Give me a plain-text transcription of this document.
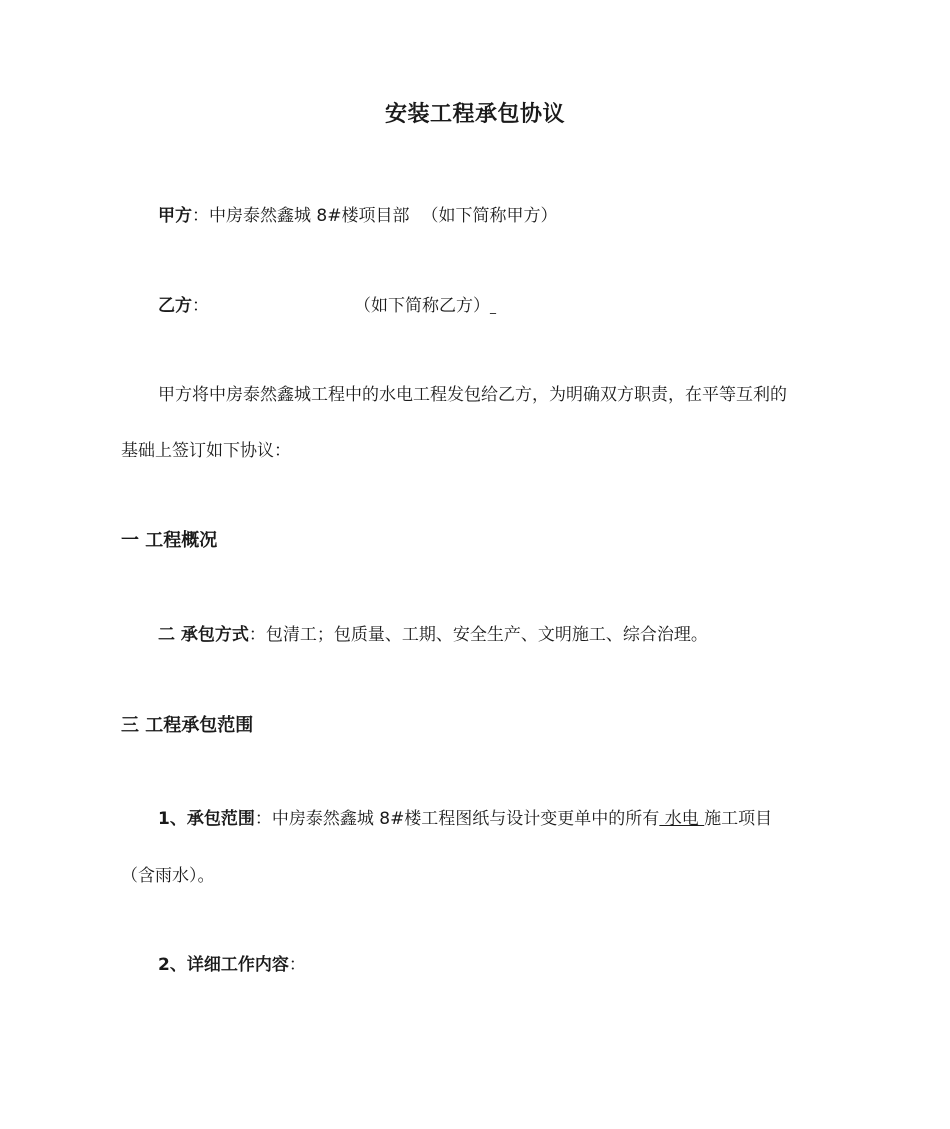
安装工程承包协议
甲方：中房泰然鑫城 8#楼项目部 （如下简称甲方）
乙方：	（如下简称乙方）_
甲方将中房泰然鑫城工程中的水电工程发包给乙方，为明确双方职责，在平等互利的
基础上签订如下协议：
一 工程概况
二 承包方式：包清工；包质量、工期、安全生产、文明施工、综合治理。
三 工程承包范围
1、承包范围：中房泰然鑫城 8#楼工程图纸与设计变更单中的所有 水电 施工项目
（含雨水）。
2、详细工作内容：
